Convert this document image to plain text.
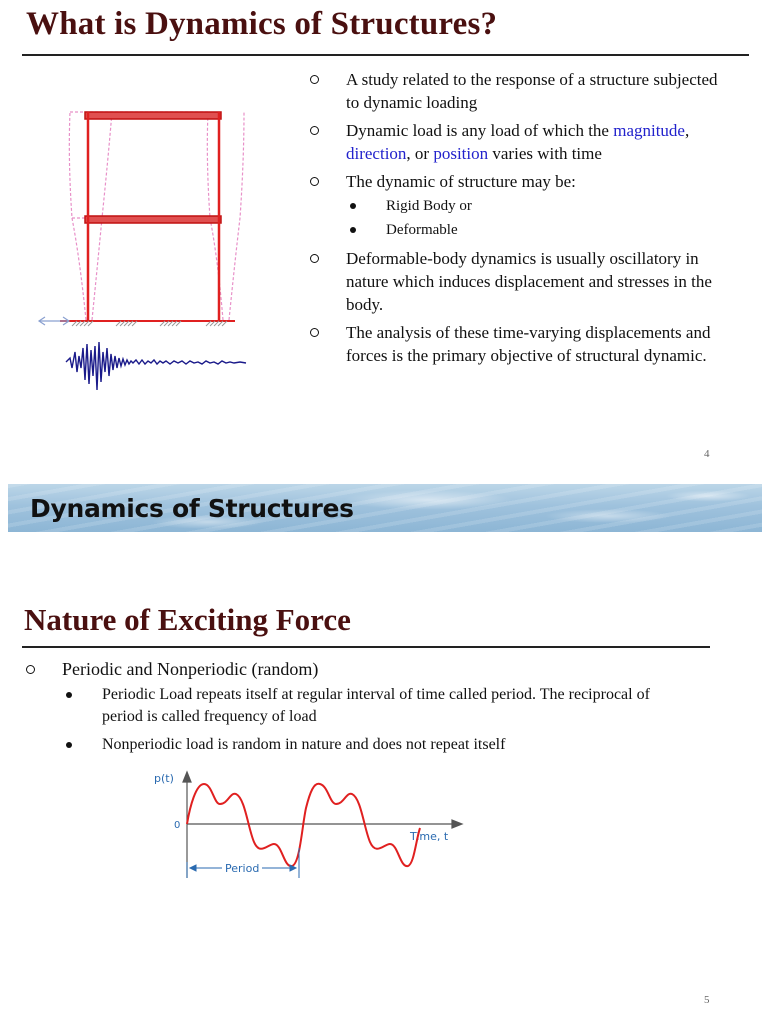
What is Dynamics of Structures?
A study related to the response of a structure subjected to dynamic loading
Dynamic load is any load of which the magnitude, direction, or position varies with time
The dynamic of structure may be:
Rigid Body or
Deformable
Deformable-body dynamics is usually oscillatory in nature which induces displacement and stresses in the body.
The analysis of these time-varying displacements and forces is the primary objective of structural dynamic.
4
Dynamics of Structures
Nature of Exciting Force
Periodic and Nonperiodic (random)
Periodic Load repeats itself at regular interval of time called period. The reciprocal of period is called frequency of load
Nonperiodic load is random in nature and does not repeat itself
p(t)
0
Time, t
Period
5
